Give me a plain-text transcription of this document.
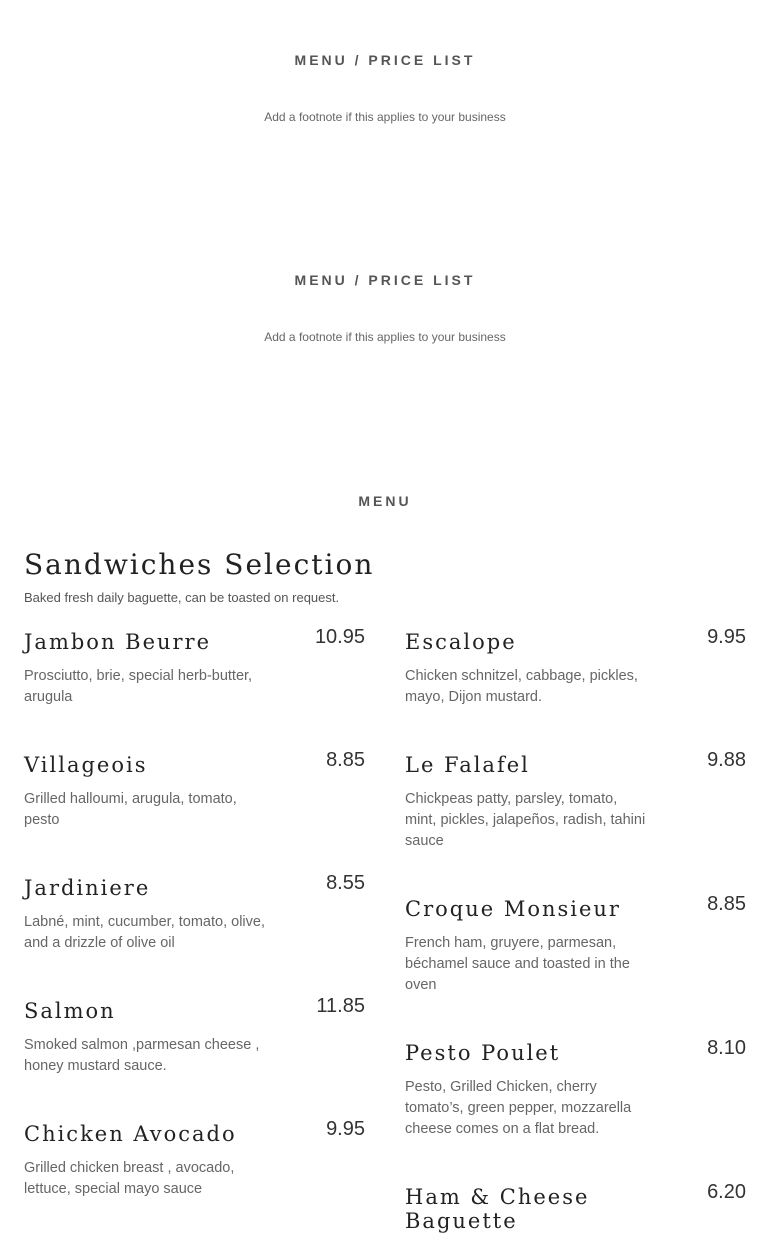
MENU / PRICE LIST
Add a footnote if this applies to your business
MENU / PRICE LIST
Add a footnote if this applies to your business
MENU
Sandwiches Selection
Baked fresh daily baguette, can be toasted on request.
Jambon Beurre	10.95
Prosciutto, brie, special herb-butter, arugula
Villageois	8.85
Grilled halloumi, arugula, tomato, pesto
Jardiniere	8.55
Labné, mint, cucumber, tomato, olive, and a drizzle of olive oil
Salmon	11.85
Smoked salmon ,parmesan cheese , honey mustard sauce.
Chicken Avocado	9.95
Grilled chicken breast , avocado, lettuce, special mayo sauce
Escalope	9.95
Chicken schnitzel, cabbage, pickles, mayo, Dijon mustard.
Le Falafel	9.88
Chickpeas patty, parsley, tomato, mint, pickles, jalapeños, radish, tahini sauce
Croque Monsieur	8.85
French ham, gruyere, parmesan, béchamel sauce and toasted in the oven
Pesto Poulet	8.10
Pesto, Grilled Chicken, cherry tomato’s, green pepper, mozzarella cheese comes on a flat bread.
Ham & Cheese Baguette
6.20
